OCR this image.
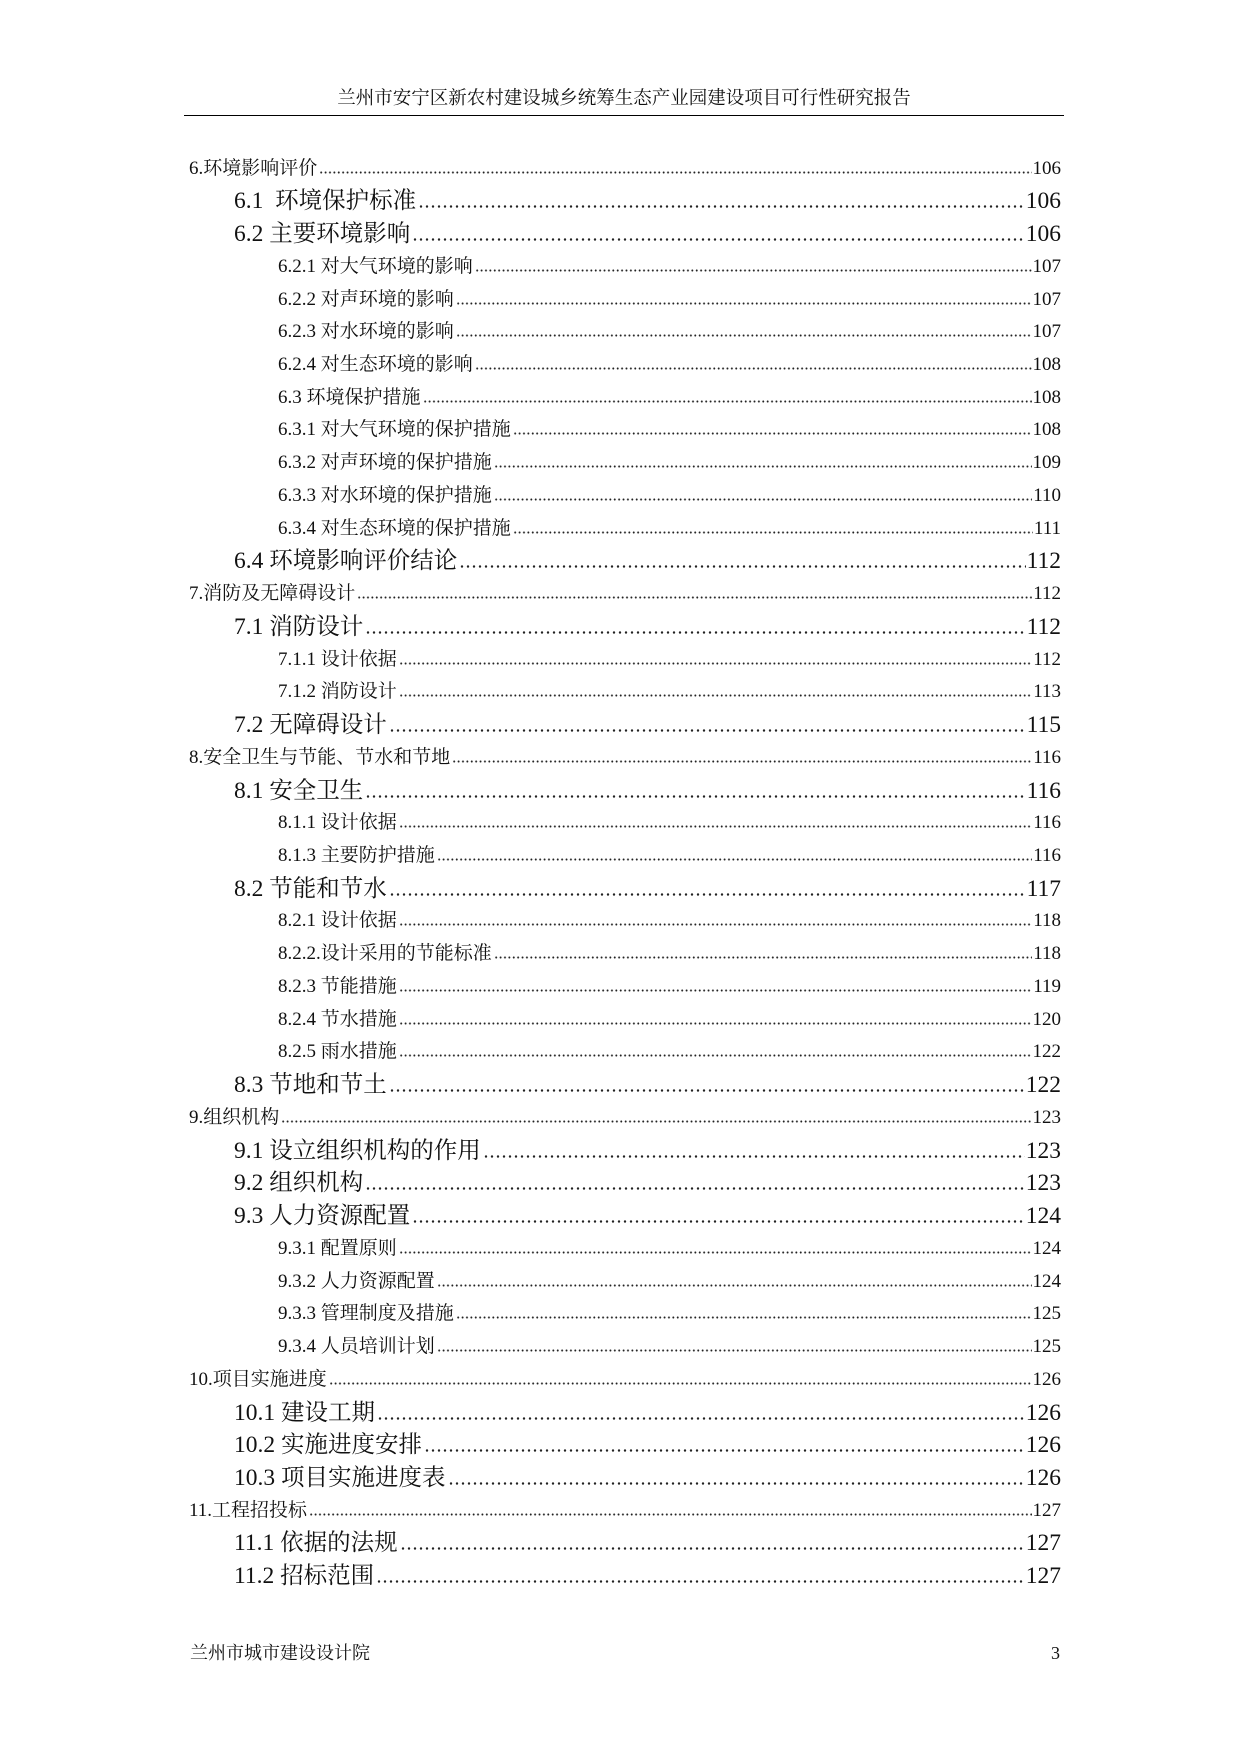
兰州市安宁区新农村建设城乡统筹生态产业园建设项目可行性研究报告
6.环境影响评价	106
6.1  环境保护标准	106
6.2 主要环境影响	106
6.2.1 对大气环境的影响	107
6.2.2 对声环境的影响	107
6.2.3 对水环境的影响	107
6.2.4 对生态环境的影响	108
6.3 环境保护措施	108
6.3.1 对大气环境的保护措施	108
6.3.2 对声环境的保护措施	109
6.3.3 对水环境的保护措施	110
6.3.4 对生态环境的保护措施	111
6.4 环境影响评价结论	112
7.消防及无障碍设计	112
7.1 消防设计	112
7.1.1 设计依据	112
7.1.2 消防设计	113
7.2 无障碍设计	115
8.安全卫生与节能、节水和节地	116
8.1 安全卫生	116
8.1.1 设计依据	116
8.1.3 主要防护措施	116
8.2 节能和节水	117
8.2.1 设计依据	118
8.2.2.设计采用的节能标准	118
8.2.3 节能措施	119
8.2.4 节水措施	120
8.2.5 雨水措施	122
8.3 节地和节土	122
9.组织机构	123
9.1 设立组织机构的作用	123
9.2 组织机构	123
9.3 人力资源配置	124
9.3.1 配置原则	124
9.3.2 人力资源配置	124
9.3.3 管理制度及措施	125
9.3.4 人员培训计划	125
10.项目实施进度	126
10.1 建设工期	126
10.2 实施进度安排	126
10.3 项目实施进度表	126
11.工程招投标	127
11.1 依据的法规	127
11.2 招标范围	127
兰州市城市建设设计院	3
